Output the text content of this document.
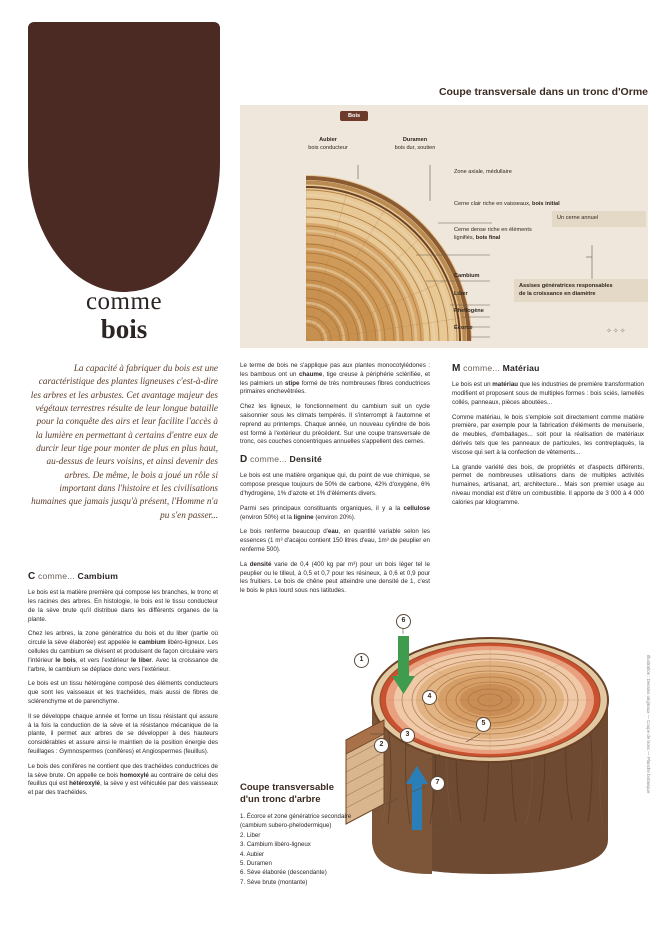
comme
bois
Coupe transversale dans un tronc d'Orme
Bois
Aubier
bois conducteur
Duramen
bois dur, soutien
Zone axiale, médullaire
Cerne clair riche en vaisseaux, bois initial
Cerne dense riche en éléments
lignifiés, bois final
Un cerne annuel
Cambium
Liber
Phellogène
Écorce
Assises génératrices responsables
de la croissance en diamètre
✧✧✧
La capacité à fabriquer du bois est une caractéristique des plantes ligneuses c'est-à-dire les arbres et les arbustes. Cet avantage majeur des végétaux terrestres résulte de leur longue bataille pour la conquête des airs et leur facilite l'accès à la lumière en permettant à certains d'entre eux de durcir leur tige pour monter de plus en plus haut, au-dessus de leurs voisins, et ainsi devenir des arbres. De même, le bois a joué un rôle si important dans l'histoire et les civilisations humaines que jamais jusqu'à présent, l'Homme n'a pu s'en passer...
C comme... Cambium

Le bois est la matière première qui compose les branches, le tronc et les racines des arbres. En histologie, le bois est le tissu conducteur de la sève brute qu'il distribue dans les différents organes de la plante.

Chez les arbres, la zone génératrice du bois et du liber (partie où circule la sève élaborée) est appelée le cambium libéro-ligneux. Les cellules du cambium se divisent et produisent de façon circulaire vers l'intérieur le bois, et vers l'extérieur le liber. Avec la croissance de l'arbre, le cambium se déplace donc vers l'extérieur.

Le bois est un tissu hétérogène composé des éléments conducteurs que sont les vaisseaux et les trachéides, mais aussi de fibres de sclérenchyme et de parenchyme.

Il se développe chaque année et forme un tissu résistant qui assure à la fois la conduction de la sève et la résistance mécanique de la plante, il permet aux arbres de se développer à des hauteurs considérables et assure ainsi le maintien de la position énergie des feuillages : Gymnospermes (conifères) et Angiospermes (feuillus).

Le bois des conifères ne contient que des trachéides conductrices de la sève brute. On appelle ce bois homoxylé au contraire de celui des feuillus qui est hétéroxylé, la sève y est véhiculée par des vaisseaux et par des trachéides.

Le terme de bois ne s'applique pas aux plantes monocotylédones : les bambous ont un chaume, tige creuse à périphérie sclérifiée, et les palmiers un stipe formé de très nombreuses fibres conductrices primaires enchevêtrées.

Chez les ligneux, le fonctionnement du cambium suit un cycle saisonnier sous les climats tempérés. Il s'interrompt à l'automne et reprend au printemps. Chaque année, un nouveau cylindre de bois est formé à l'extérieur du précédent. Sur une coupe transversale de tronc, ces couches concentriques annuelles s'appellent des cernes.

D comme... Densité

Le bois est une matière organique qui, du point de vue chimique, se compose presque toujours de 50% de carbone, 42% d'oxygène, 6% d'hydrogène, 1% d'azote et 1% d'éléments divers.

Parmi ses principaux constituants organiques, il y a la cellulose (environ 50%) et la lignine (environ 20%).

Le bois renferme beaucoup d'eau, en quantité variable selon les essences (1 m³ d'acajou contient 150 litres d'eau, 1m³ de peuplier en renferme 500).

La densité varie de 0,4 (400 kg par m³) pour un bois léger tel le peuplier ou le tilleul, à 0,5 et 0,7 pour les résineux, à 0,6 et 0,9 pour les fruitiers. Le bois de chêne peut atteindre une densité de 1, c'est le bois le plus lourd sous nos latitudes.

M comme... Matériau

Le bois est un matériau que les industries de première transformation modifient et proposent sous de multiples formes : bois sciés, lamellés collés, panneaux, pièces aboutées...

Comme matériau, le bois s'emploie soit directement comme matière première, par exemple pour la fabrication d'éléments de menuiserie, de meubles, d'emballages... soit pour la réalisation de matériaux dérivés tels que les panneaux de particules, les contreplaqués, la viscose qui sert à la confection de vêtements...

La grande variété des bois, de propriétés et d'aspects différents, permet de nombreuses utilisations dans de multiples activités humaines, artisanat, art, architecture... Mais son premier usage au niveau mondial est d'être un combustible. Il apporte de 3 000 à 4 000 calories par kilogramme.

1
2
3
4
5
6
7
Coupe transversable
d'un tronc d'arbre
1. Écorce et zone génératrice secondaire
(cambium subero-phelodermique)
2. Liber
3. Cambium libéro-ligneux
4. Aubier
5. Duramen
6. Sève élaborée (descendante)
7. Sève brute (montante)
Illustration : Dessins originaux — Coupe de tronc — Planche botanique
